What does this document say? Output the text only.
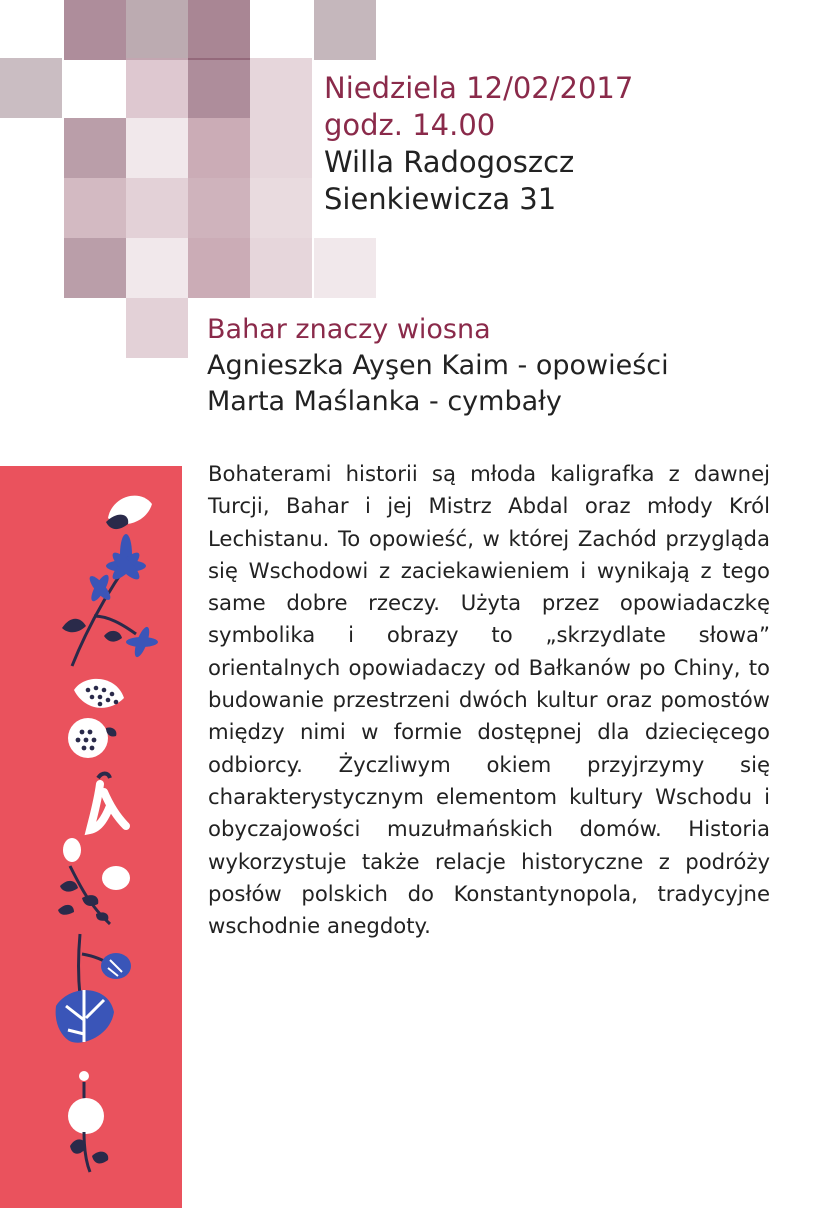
Niedziela 12/02/2017
godz. 14.00
Willa Radogoszcz
Sienkiewicza 31
Bahar znaczy wiosna
Agnieszka Ayşen Kaim - opowieści
Marta Maślanka - cymbały

Bohaterami historii są młoda kaligrafka z dawnej Turcji, Bahar i jej Mistrz Abdal oraz młody Król Lechistanu. To opowieść, w której Zachód przygląda się Wschodowi z zaciekawieniem i wynikają z tego same dobre rzeczy. Użyta przez opowiadaczkę symbolika i obrazy to „skrzydlate słowa” orientalnych opowiadaczy od Bałkanów po Chiny, to budowanie przestrzeni dwóch kultur oraz pomostów między nimi w formie dostępnej dla dziecięcego odbiorcy. Życzliwym okiem przyjrzymy się charakterystycznym elementom kultury Wschodu i obyczajowości muzułmańskich domów. Historia wykorzystuje także relacje historyczne z podróży posłów polskich do Konstantynopola, tradycyjne wschodnie anegdoty.
